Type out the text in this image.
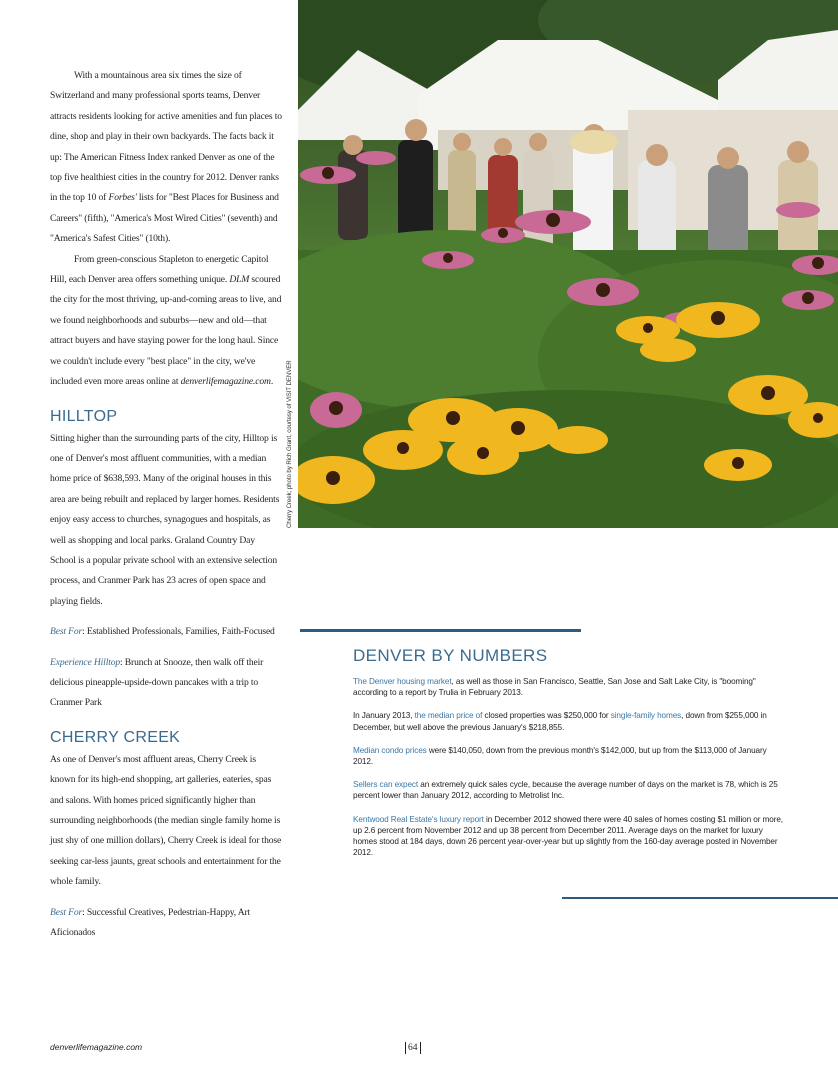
With a mountainous area six times the size of Switzerland and many professional sports teams, Denver attracts residents looking for active amenities and fun places to dine, shop and play in their own backyards. The facts back it up: The American Fitness Index ranked Denver as one of the top five healthiest cities in the country for 2012. Denver ranks in the top 10 of Forbes' lists for "Best Places for Business and Careers" (fifth), "America's Most Wired Cities" (seventh) and "America's Safest Cities" (10th).

From green-conscious Stapleton to energetic Capitol Hill, each Denver area offers something unique. DLM scoured the city for the most thriving, up-and-coming areas to live, and we found neighborhoods and suburbs—new and old—that attract buyers and have staying power for the long haul. Since we couldn't include every "best place" in the city, we've included even more areas online at denverlifemagazine.com.

HILLTOP

Sitting higher than the surrounding parts of the city, Hilltop is one of Denver's most affluent communities, with a median home price of $638,593. Many of the original houses in this area are being rebuilt and replaced by larger homes. Residents enjoy easy access to churches, synagogues and hospitals, as well as shopping and local parks. Graland Country Day School is a popular private school with an extensive selection process, and Cranmer Park has 23 acres of open space and playing fields.

Best For: Established Professionals, Families, Faith-Focused

Experience Hilltop: Brunch at Snooze, then walk off their delicious pineapple-upside-down pancakes with a trip to Cranmer Park

CHERRY CREEK

As one of Denver's most affluent areas, Cherry Creek is known for its high-end shopping, art galleries, eateries, spas and salons. With homes priced significantly higher than surrounding neighborhoods (the median single family home is just shy of one million dollars), Cherry Creek is ideal for those seeking car-less jaunts, great schools and entertainment for the whole family.

Best For: Successful Creatives, Pedestrian-Happy, Art Aficionados

Cherry Creek; photo by Rich Grant, courtesy of VISIT DENVER
DENVER BY NUMBERS

The Denver housing market, as well as those in San Francisco, Seattle, San Jose and Salt Lake City, is "booming" according to a report by Trulia in February 2013.

In January 2013, the median price of closed properties was $250,000 for single-family homes, down from $255,000 in December, but well above the previous January's $218,855.

Median condo prices were $140,050, down from the previous month's $142,000, but up from the $113,000 of January 2012.

Sellers can expect an extremely quick sales cycle, because the average number of days on the market is 78, which is 25 percent lower than January 2012, according to Metrolist Inc.

Kentwood Real Estate's luxury report in December 2012 showed there were 40 sales of homes costing $1 million or more, up 2.6 percent from November 2012 and up 38 percent from December 2011. Average days on the market for luxury homes stood at 184 days, down 26 percent year-over-year but up slightly from the 160-day average posted in November 2012.

denverlifemagazine.com	64
